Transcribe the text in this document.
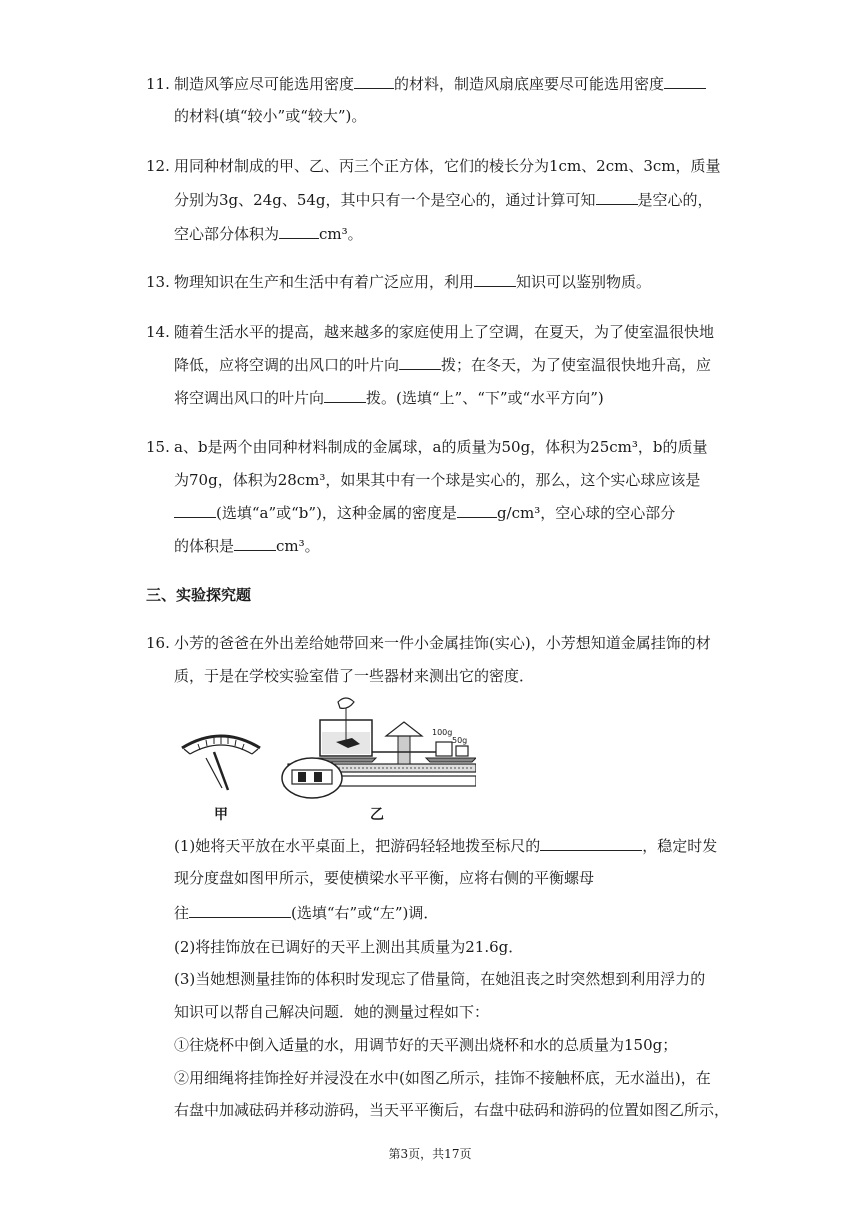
11. 制造风筝应尽可能选用密度	的材料，制造风扇底座要尽可能选用密度
的材料(填“较小”或“较大”)。
12. 用同种材制成的甲、乙、丙三个正方体，它们的棱长分为1cm、2cm、3cm，质量
分别为3g、24g、54g，其中只有一个是空心的，通过计算可知	是空心的，
空心部分体积为	cm³。
13. 物理知识在生产和生活中有着广泛应用，利用	知识可以鉴别物质。
14. 随着生活水平的提高，越来越多的家庭使用上了空调，在夏天，为了使室温很快地
降低，应将空调的出风口的叶片向	拨；在冬天，为了使室温很快地升高，应
将空调出风口的叶片向	拨。(选填“上”、“下”或“水平方向”)
15. a、b是两个由同种材料制成的金属球，a的质量为50g，体积为25cm³，b的质量
为70g，体积为28cm³，如果其中有一个球是实心的，那么，这个实心球应该是
(选填“a”或“b”)，这种金属的密度是	g/cm³，空心球的空心部分
的体积是	cm³。
三、实验探究题
16. 小芳的爸爸在外出差给她带回来一件小金属挂饰(实心)，小芳想知道金属挂饰的材
质，于是在学校实验室借了一些器材来测出它的密度．
甲	乙
100g
50g
(1)她将天平放在水平桌面上，把游码轻轻地拨至标尺的	，稳定时发
现分度盘如图甲所示，要使横梁水平平衡，应将右侧的平衡螺母
往	(选填“右”或“左”)调．
(2)将挂饰放在已调好的天平上测出其质量为21.6g．
(3)当她想测量挂饰的体积时发现忘了借量筒，在她沮丧之时突然想到利用浮力的
知识可以帮自己解决问题．她的测量过程如下：
①往烧杯中倒入适量的水，用调节好的天平测出烧杯和水的总质量为150g；
②用细绳将挂饰拴好并浸没在水中(如图乙所示，挂饰不接触杯底，无水溢出)，在
右盘中加减砝码并移动游码，当天平平衡后，右盘中砝码和游码的位置如图乙所示，
第3页，共17页
